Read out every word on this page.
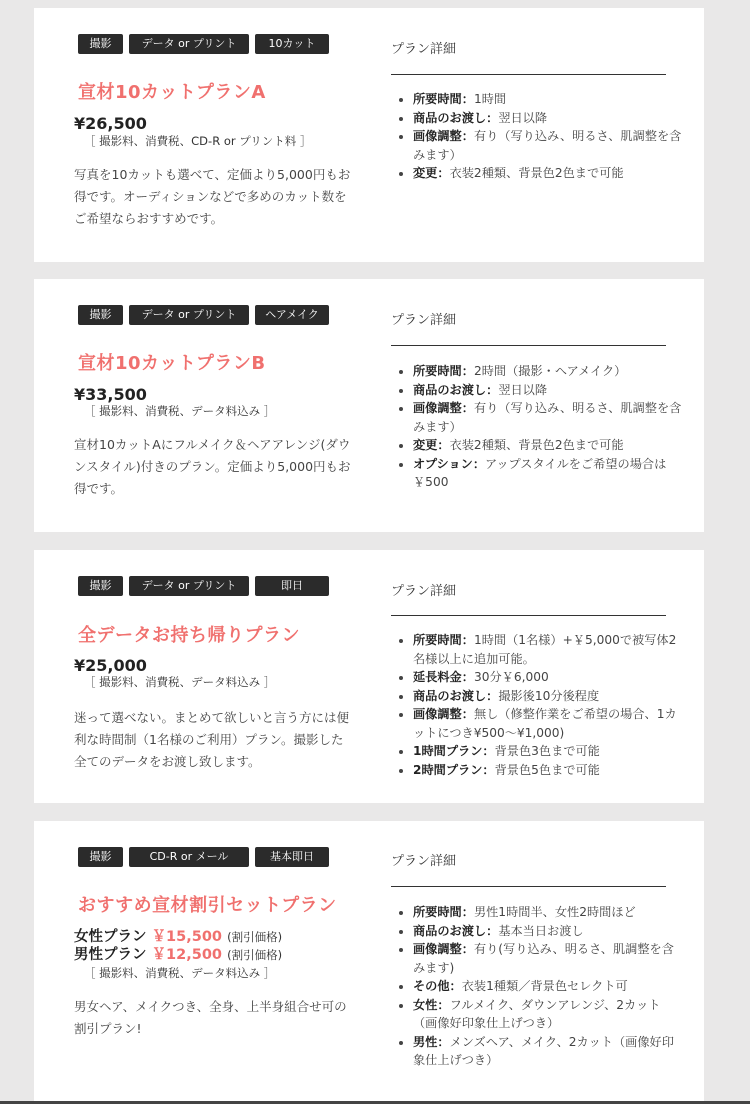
撮影	データ or プリント	10カット
宣材10カットプランA
¥26,500
［ 撮影料、消費税、CD-R or プリント料 ］
写真を10カットも選べて、定価より5,000円もお得です。オーディションなどで多めのカット数をご希望ならおすすめです。
プラン詳細
• 所要時間：1時間
• 商品のお渡し：翌日以降
• 画像調整：有り（写り込み、明るさ、肌調整を含みます）
• 変更：衣装2種類、背景色2色まで可能
撮影	データ or プリント	ヘアメイク
宣材10カットプランB
¥33,500
［ 撮影料、消費税、データ料込み ］
宣材10カットAにフルメイク＆ヘアアレンジ(ダウンスタイル)付きのプラン。定価より5,000円もお得です。
プラン詳細
• 所要時間：2時間（撮影・ヘアメイク）
• 商品のお渡し：翌日以降
• 画像調整：有り（写り込み、明るさ、肌調整を含みます）
• 変更：衣装2種類、背景色2色まで可能
• オプション：アップスタイルをご希望の場合は￥500
撮影	データ or プリント	即日
全データお持ち帰りプラン
¥25,000
［ 撮影料、消費税、データ料込み ］
迷って選べない。まとめて欲しいと言う方には便利な時間制（1名様のご利用）プラン。撮影した全てのデータをお渡し致します。
プラン詳細
• 所要時間：1時間（1名様）+￥5,000で被写体2名様以上に追加可能。
• 延長料金：30分￥6,000
• 商品のお渡し：撮影後10分後程度
• 画像調整：無し（修整作業をご希望の場合、1カットにつき¥500〜¥1,000)
• 1時間プラン：背景色3色まで可能
• 2時間プラン：背景色5色まで可能
撮影	CD-R or メール	基本即日
おすすめ宣材割引セットプラン
女性プラン ￥15,500 (割引価格)
男性プラン ￥12,500 (割引価格)
［ 撮影料、消費税、データ料込み ］
男女ヘア、メイクつき、全身、上半身組合せ可の割引プラン!
プラン詳細
• 所要時間：男性1時間半、女性2時間ほど
• 商品のお渡し：基本当日お渡し
• 画像調整：有り(写り込み、明るさ、肌調整を含みます)
• その他：衣装1種類／背景色セレクト可
• 女性：フルメイク、ダウンアレンジ、2カット（画像好印象仕上げつき）
• 男性：メンズヘア、メイク、2カット（画像好印象仕上げつき）
